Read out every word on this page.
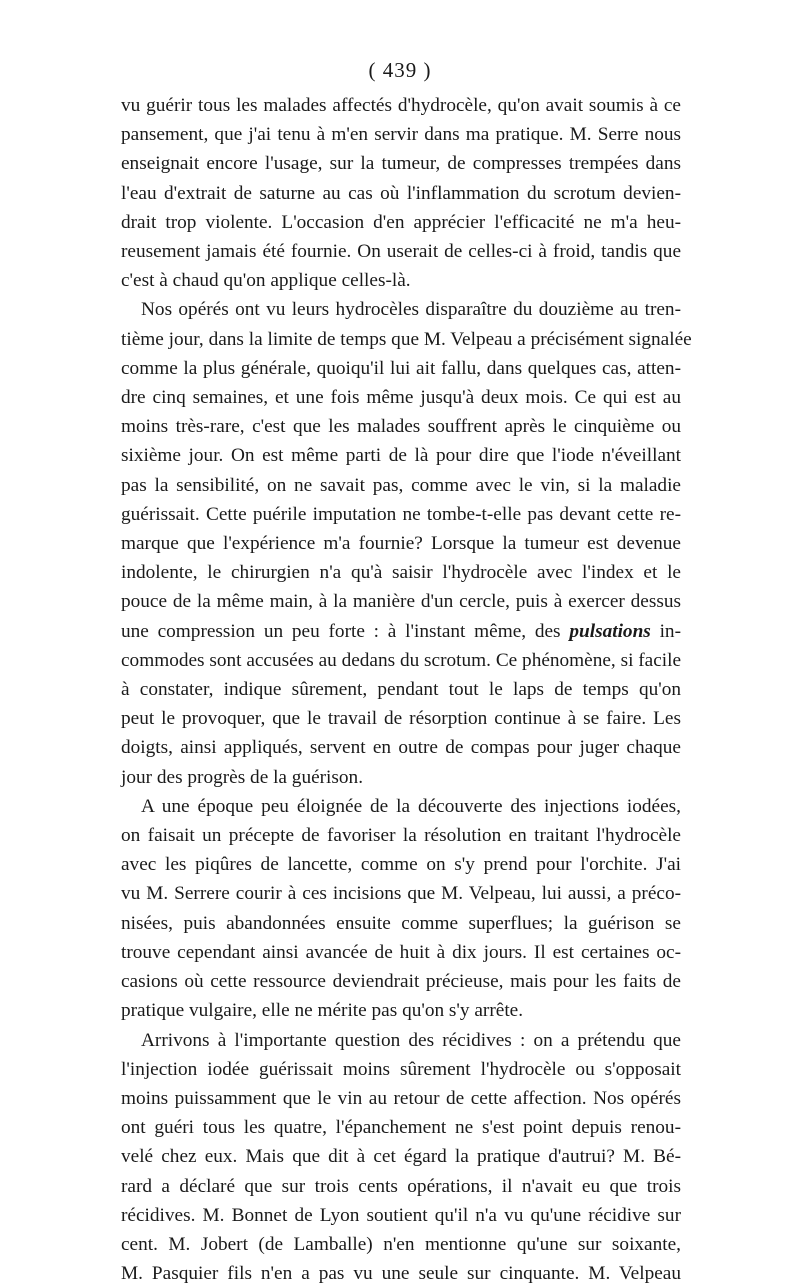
( 439 )
vu guérir tous les malades affectés d'hydrocèle, qu'on avait soumis à ce
pansement, que j'ai tenu à m'en servir dans ma pratique. M. Serre nous
enseignait encore l'usage, sur la tumeur, de compresses trempées dans
l'eau d'extrait de saturne au cas où l'inflammation du scrotum devien-
drait trop violente. L'occasion d'en apprécier l'efficacité ne m'a heu-
reusement jamais été fournie. On userait de celles-ci à froid, tandis que
c'est à chaud qu'on applique celles-là.
Nos opérés ont vu leurs hydrocèles disparaître du douzième au tren-
tième jour, dans la limite de temps que M. Velpeau a précisément signalée
comme la plus générale, quoiqu'il lui ait fallu, dans quelques cas, atten-
dre cinq semaines, et une fois même jusqu'à deux mois. Ce qui est au
moins très-rare, c'est que les malades souffrent après le cinquième ou
sixième jour. On est même parti de là pour dire que l'iode n'éveillant
pas la sensibilité, on ne savait pas, comme avec le vin, si la maladie
guérissait. Cette puérile imputation ne tombe-t-elle pas devant cette re-
marque que l'expérience m'a fournie? Lorsque la tumeur est devenue
indolente, le chirurgien n'a qu'à saisir l'hydrocèle avec l'index et le
pouce de la même main, à la manière d'un cercle, puis à exercer dessus
une compression un peu forte : à l'instant même, des pulsations in-
commodes sont accusées au dedans du scrotum. Ce phénomène, si facile
à constater, indique sûrement, pendant tout le laps de temps qu'on
peut le provoquer, que le travail de résorption continue à se faire. Les
doigts, ainsi appliqués, servent en outre de compas pour juger chaque
jour des progrès de la guérison.
A une époque peu éloignée de la découverte des injections iodées,
on faisait un précepte de favoriser la résolution en traitant l'hydrocèle
avec les piqûres de lancette, comme on s'y prend pour l'orchite. J'ai
vu M. Serrere courir à ces incisions que M. Velpeau, lui aussi, a préco-
nisées, puis abandonnées ensuite comme superflues; la guérison se
trouve cependant ainsi avancée de huit à dix jours. Il est certaines oc-
casions où cette ressource deviendrait précieuse, mais pour les faits de
pratique vulgaire, elle ne mérite pas qu'on s'y arrête.
Arrivons à l'importante question des récidives : on a prétendu que
l'injection iodée guérissait moins sûrement l'hydrocèle ou s'opposait
moins puissamment que le vin au retour de cette affection. Nos opérés
ont guéri tous les quatre, l'épanchement ne s'est point depuis renou-
velé chez eux. Mais que dit à cet égard la pratique d'autrui? M. Bé-
rard a déclaré que sur trois cents opérations, il n'avait eu que trois
récidives. M. Bonnet de Lyon soutient qu'il n'a vu qu'une récidive sur
cent. M. Jobert (de Lamballe) n'en mentionne qu'une sur soixante,
M. Pasquier fils n'en a pas vu une seule sur cinquante. M. Velpeau
